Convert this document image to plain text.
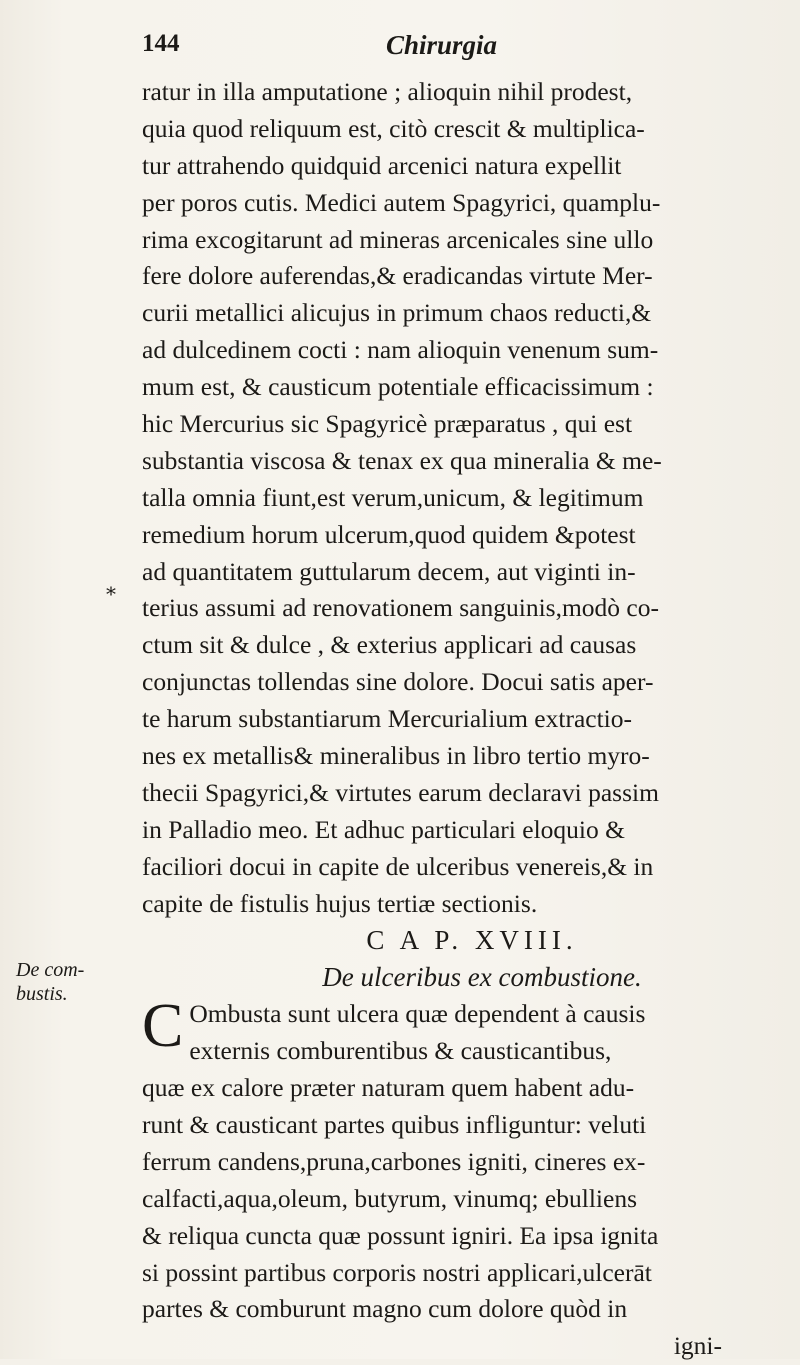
144	Chirurgia
*
De com-
bustis.
ratur in illa amputatione ; alioquin nihil prodest,
quia quod reliquum est, citò crescit & multiplica-
tur attrahendo quidquid arcenici natura expellit
per poros cutis. Medici autem Spagyrici, quamplu-
rima excogitarunt ad mineras arcenicales sine ullo
fere dolore auferendas,& eradicandas virtute Mer-
curii metallici alicujus in primum chaos reducti,&
ad dulcedinem cocti : nam alioquin venenum sum-
mum est, & causticum potentiale efficacissimum :
hic Mercurius sic Spagyricè præparatus , qui est
substantia viscosa & tenax ex qua mineralia & me-
talla omnia fiunt,est verum,unicum, & legitimum
remedium horum ulcerum,quod quidem &potest
ad quantitatem guttularum decem, aut viginti in-
terius assumi ad renovationem sanguinis,modò co-
ctum sit & dulce , & exterius applicari ad causas
conjunctas tollendas sine dolore. Docui satis aper-
te harum substantiarum Mercurialium extractio-
nes ex metallis& mineralibus in libro tertio myro-
thecii Spagyrici,& virtutes earum declaravi passim
in Palladio meo. Et adhuc particulari eloquio &
faciliori docui in capite de ulceribus venereis,& in
capite de fistulis hujus tertiæ sectionis.
C A P. XVIII.
De ulceribus ex combustione.
C Ombusta sunt ulcera quæ dependent à causis
externis comburentibus & causticantibus,
quæ ex calore præter naturam quem habent adu-
runt & causticant partes quibus infliguntur: veluti
ferrum candens,pruna,carbones igniti, cineres ex-
calfacti,aqua,oleum, butyrum, vinumq; ebulliens
& reliqua cuncta quæ possunt igniri. Ea ipsa ignita
si possint partibus corporis nostri applicari,ulcerāt
partes & comburunt magno cum dolore quòd in
igni-
